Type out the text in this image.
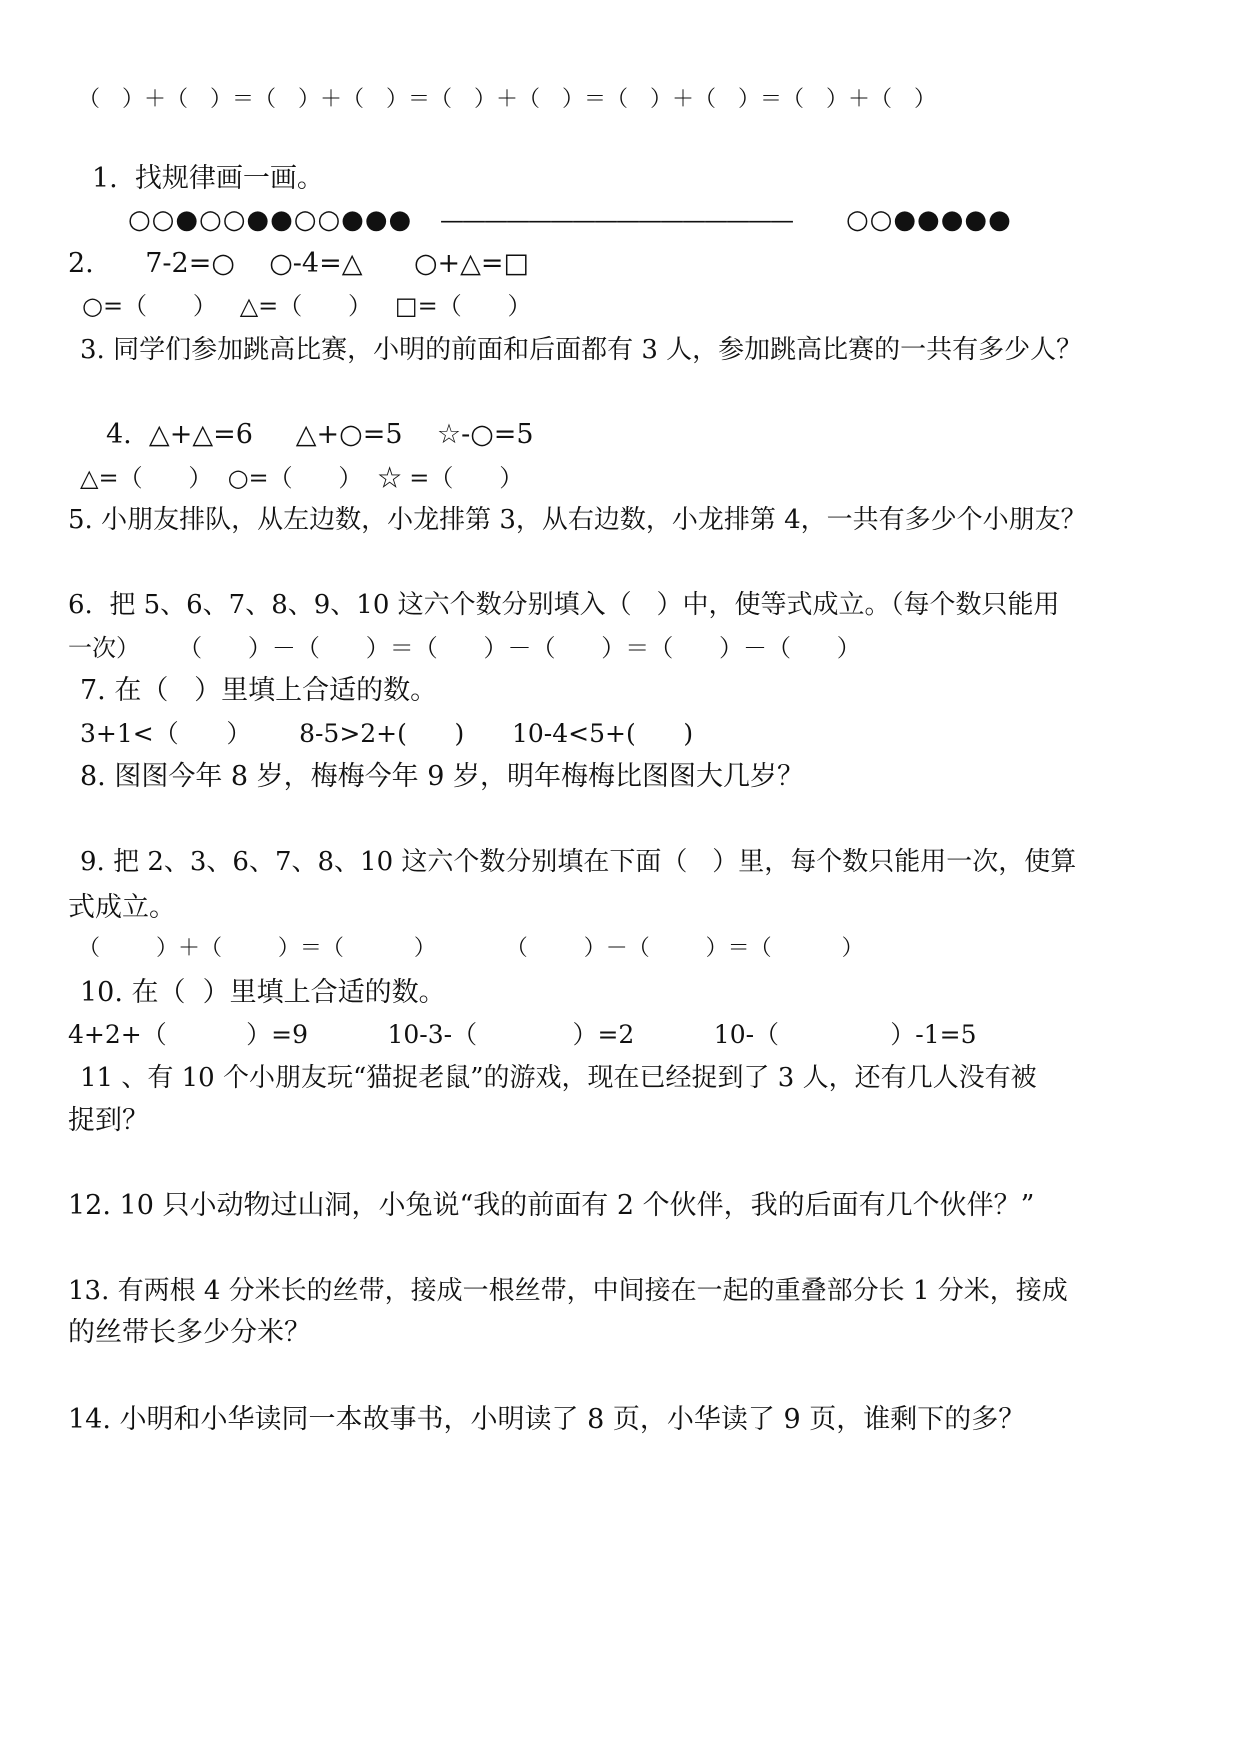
（　）＋（　）＝（　）＋（　）＝（　）＋（　）＝（　）＋（　）＝（　）＋（　）
1.  找规律画一画。
○○●○○●●○○●●● ———————————————— ○○●●●●●
2.      7-2=○    ○-4=△      ○+△=□
○=（      ）   △=（      ）   □=（      ）
3. 同学们参加跳高比赛，小明的前面和后面都有 3 人，参加跳高比赛的一共有多少人？
4.  △+△=6     △+○=5    ☆-○=5
△=（      ）  ○=（      ）  ☆ =（      ）
5. 小朋友排队，从左边数，小龙排第 3，从右边数，小龙排第 4，一共有多少个小朋友？
6.  把 5、6、7、8、9、10 这六个数分别填入（   ）中，使等式成立。（每个数只能用
一次）     （      ）－（      ）＝（      ）－（      ）＝（      ）－（      ）
7. 在（   ）里填上合适的数。
3+1<（      ）      8-5>2+(      )      10-4<5+(      )
8. 图图今年 8 岁，梅梅今年 9 岁，明年梅梅比图图大几岁？
9. 把 2、3、6、7、8、10 这六个数分别填在下面（   ）里，每个数只能用一次，使算
式成立。
（        ）＋（        ）＝（          ）          （        ）－（        ）＝（          ）
10. 在（  ）里填上合适的数。
4+2+（          ）=9          10-3-（            ）=2          10-（              ）-1=5
11 、有 10 个小朋友玩“猫捉老鼠”的游戏，现在已经捉到了 3 人，还有几人没有被
捉到？
12. 10 只小动物过山洞，小兔说“我的前面有 2 个伙伴，我的后面有几个伙伴？”
13. 有两根 4 分米长的丝带，接成一根丝带，中间接在一起的重叠部分长 1 分米，接成
的丝带长多少分米？
14. 小明和小华读同一本故事书，小明读了 8 页，小华读了 9 页，谁剩下的多？
